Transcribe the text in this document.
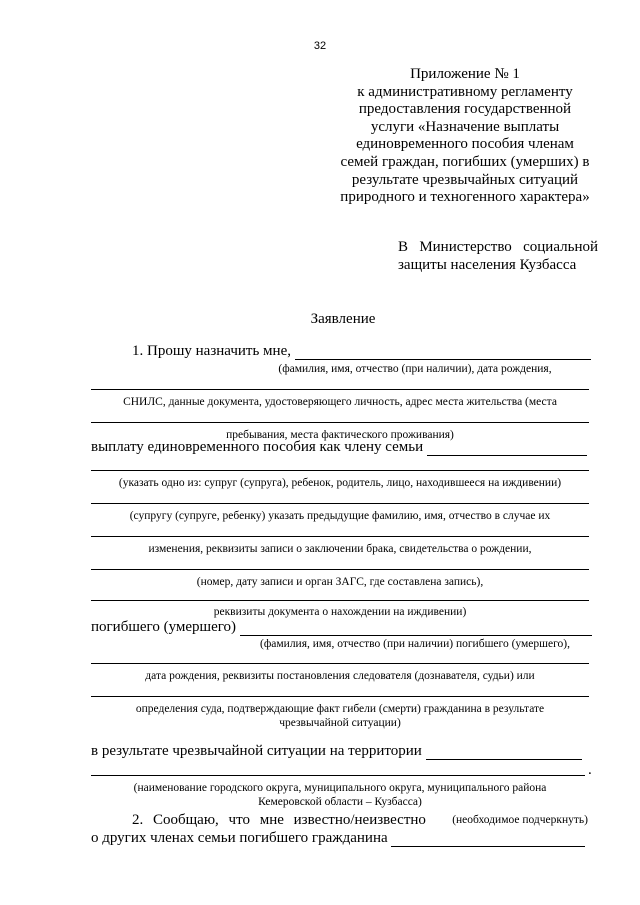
32
Приложение № 1
к административному регламенту
предоставления государственной
услуги «Назначение выплаты
единовременного пособия членам
семей граждан, погибших (умерших) в
результате чрезвычайных ситуаций
природного и техногенного характера»
В Министерство социальной
защиты населения Кузбасса
Заявление
1. Прошу назначить мне,
(фамилия, имя, отчество (при наличии), дата рождения,
СНИЛС, данные документа, удостоверяющего личность, адрес места жительства (места
пребывания, места фактического проживания)
выплату единовременного пособия как члену семьи
(указать одно из: супруг (супруга), ребенок, родитель, лицо, находившееся на иждивении)
(супругу (супруге, ребенку) указать предыдущие фамилию, имя, отчество в случае их
изменения, реквизиты записи о заключении брака, свидетельства о рождении,
(номер, дату записи и орган ЗАГС, где составлена запись),
реквизиты документа о нахождении на иждивении)
погибшего (умершего)
(фамилия, имя, отчество (при наличии) погибшего (умершего),
дата рождения, реквизиты постановления следователя (дознавателя, судьи) или
определения суда, подтверждающие факт гибели (смерти) гражданина в результате
чрезвычайной ситуации)
в результате чрезвычайной ситуации на территории
.
(наименование городского округа, муниципального округа, муниципального района
Кемеровской области – Кузбасса)
2. Сообщаю, что мне известно/неизвестно (необходимое подчеркнуть)
о других членах семьи погибшего гражданина
